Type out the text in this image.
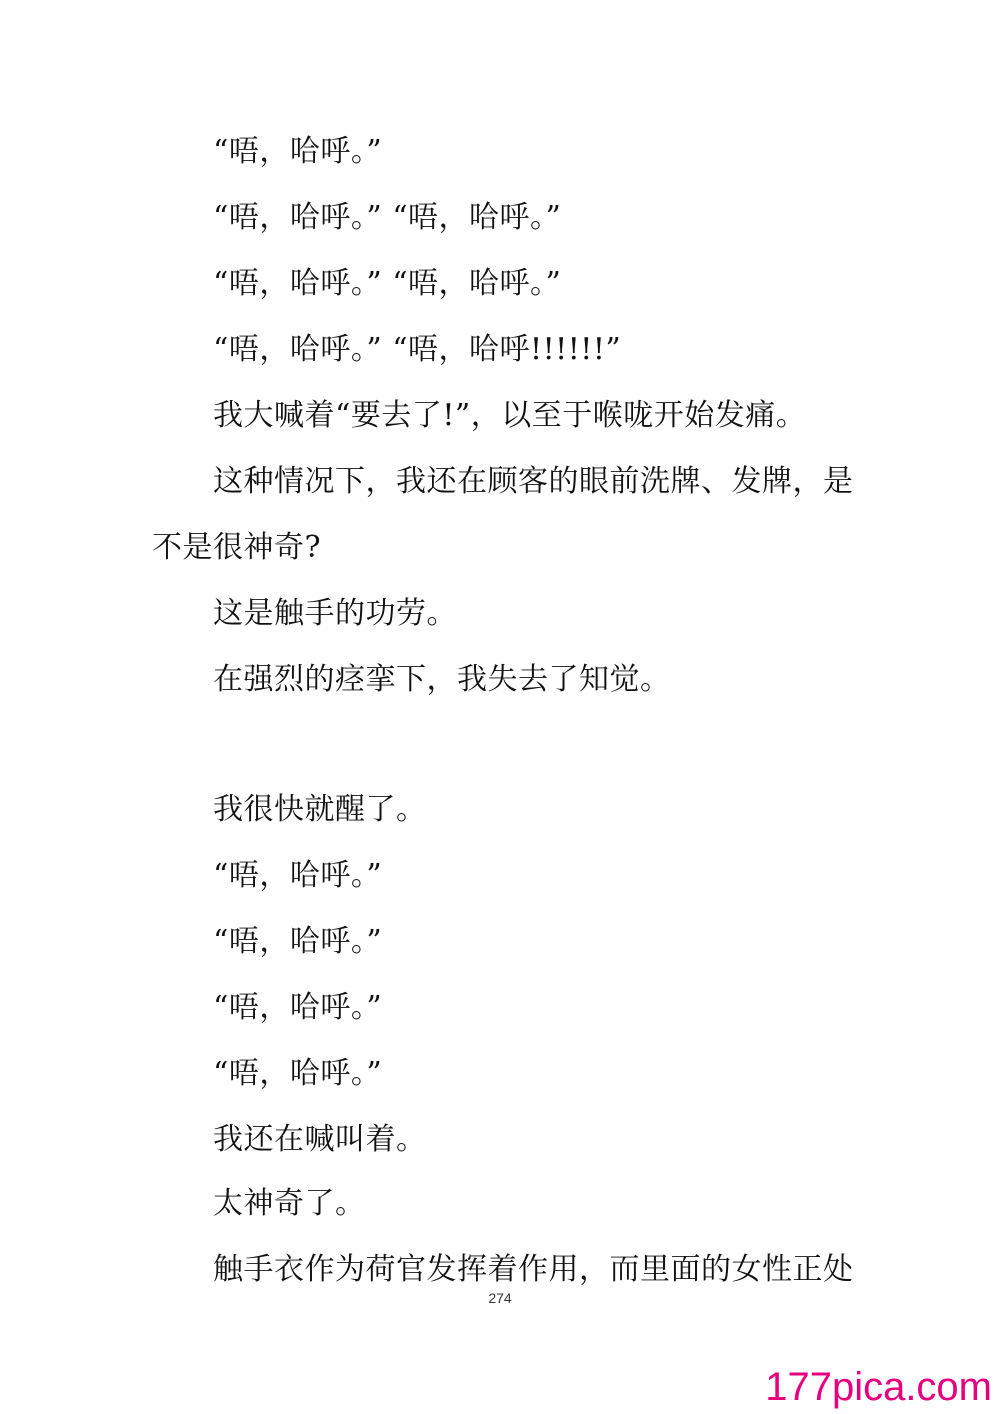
“唔，哈呼。”
“唔，哈呼。” “唔，哈呼。”
“唔，哈呼。” “唔，哈呼。”
“唔，哈呼。” “唔，哈呼!!!!!!”
我大喊着“要去了!”，以至于喉咙开始发痛。
这种情况下，我还在顾客的眼前洗牌、发牌，是
不是很神奇?
这是触手的功劳。
在强烈的痉挛下，我失去了知觉。
我很快就醒了。
“唔，哈呼。”
“唔，哈呼。”
“唔，哈呼。”
“唔，哈呼。”
我还在喊叫着。
太神奇了。
触手衣作为荷官发挥着作用，而里面的女性正处
274
177pica.com
